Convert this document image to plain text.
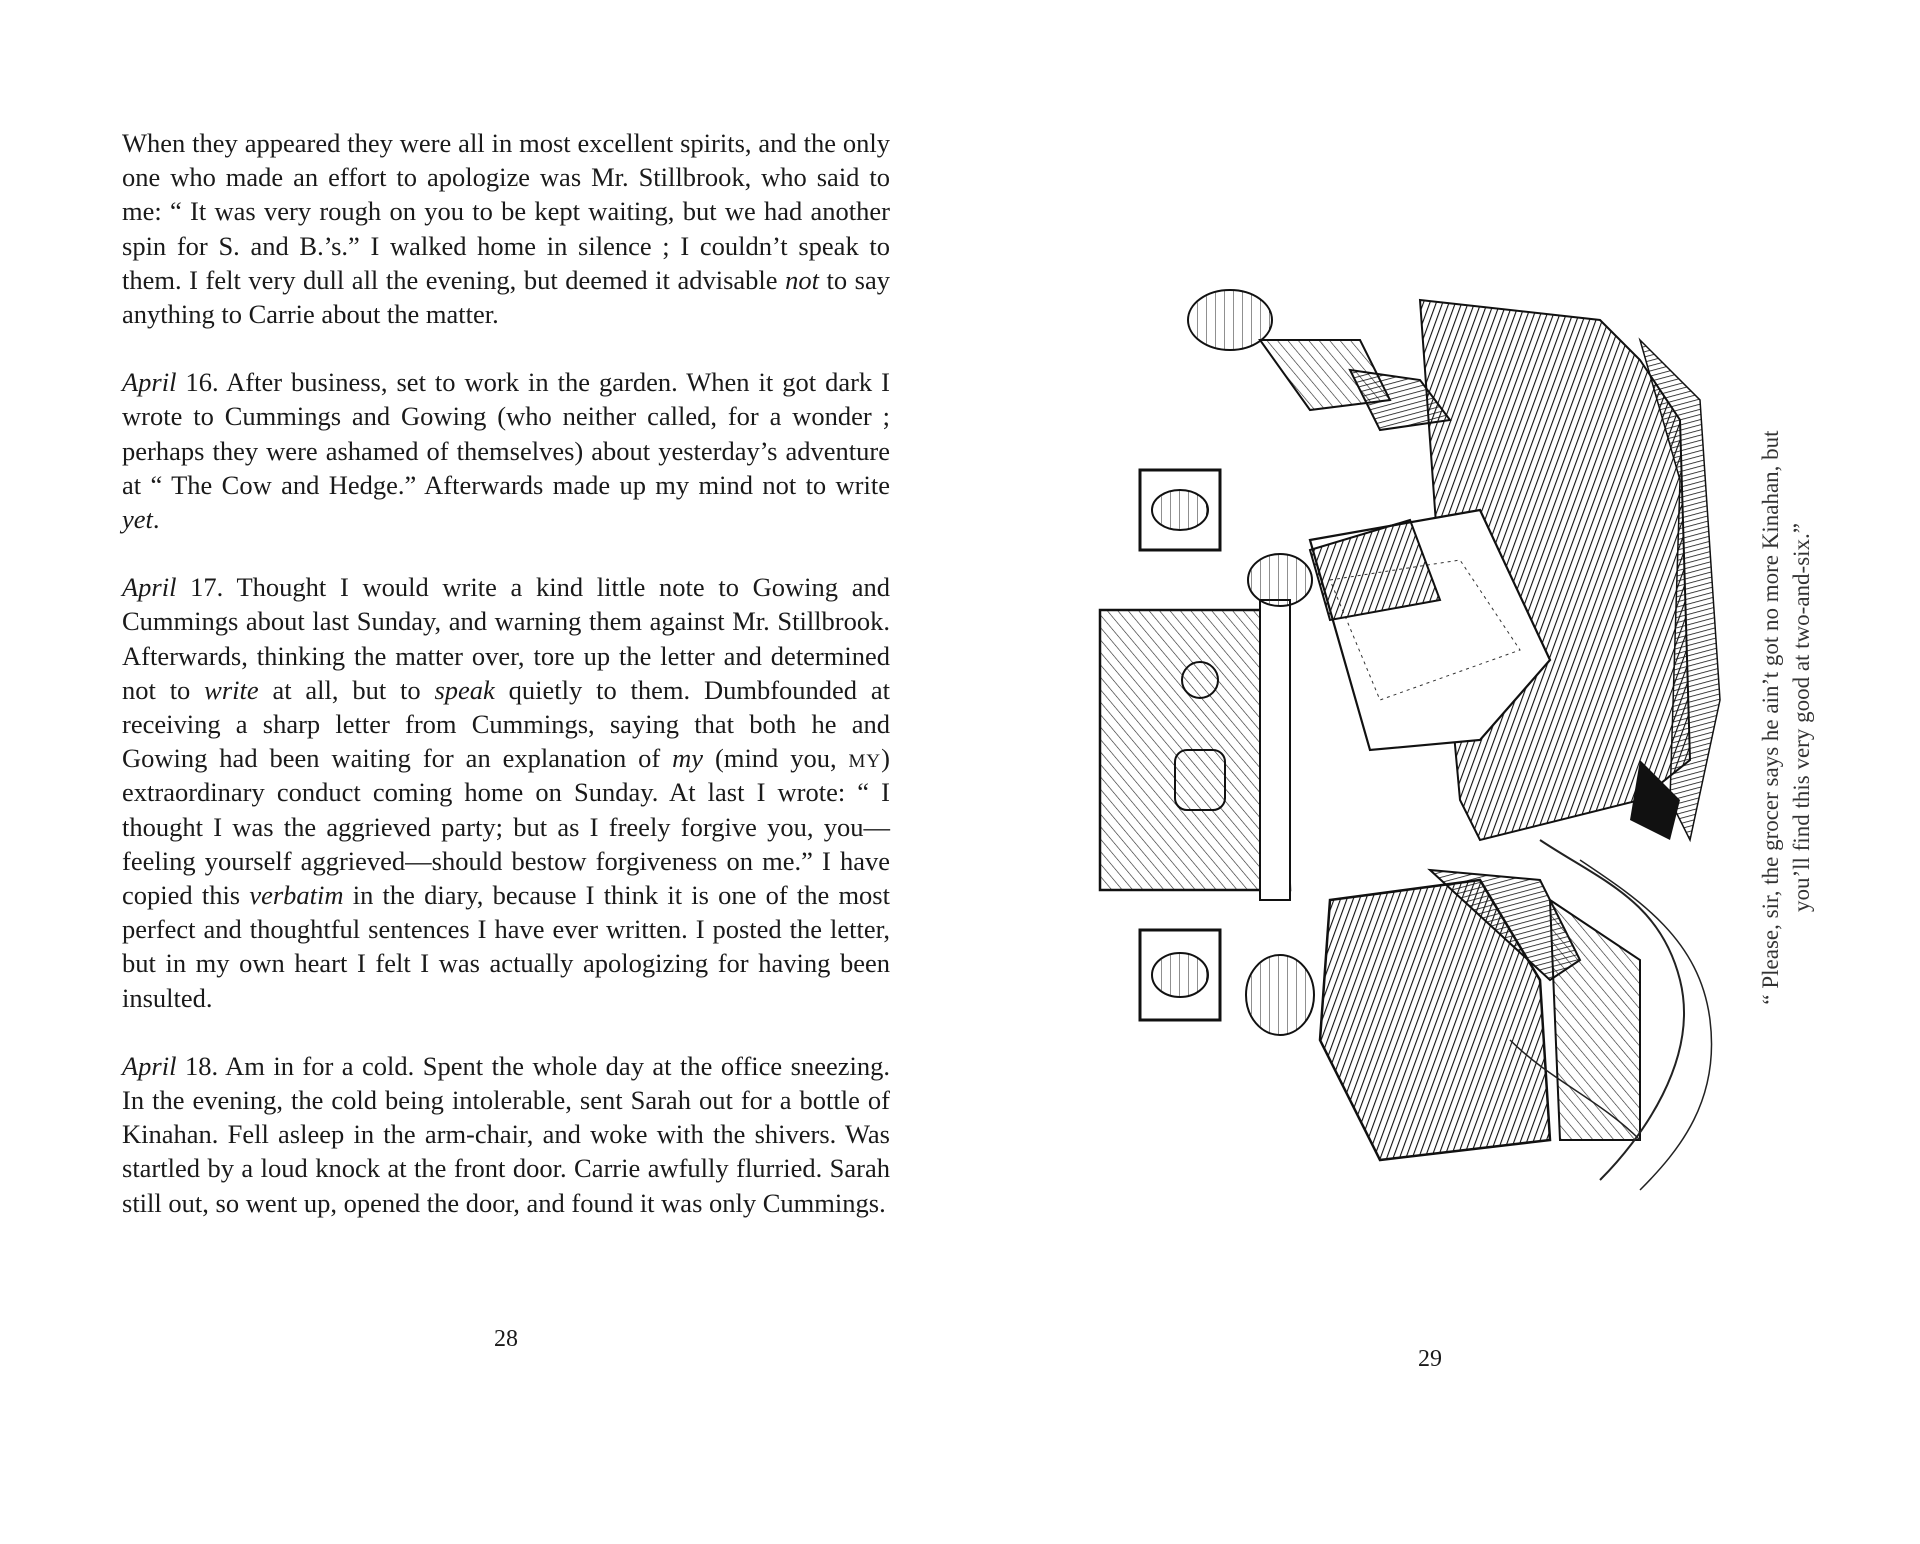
When they appeared they were all in most excellent spirits, and the only one who made an effort to apologize was Mr. Stillbrook, who said to me: “ It was very rough on you to be kept waiting, but we had another spin for S. and B.’s.” I walked home in silence ; I couldn’t speak to them. I felt very dull all the evening, but deemed it advisable not to say anything to Carrie about the matter.

April 16. After business, set to work in the garden. When it got dark I wrote to Cummings and Gowing (who neither called, for a wonder ; perhaps they were ashamed of themselves) about yesterday’s adventure at “ The Cow and Hedge.” Afterwards made up my mind not to write yet.

April 17. Thought I would write a kind little note to Gowing and Cummings about last Sunday, and warning them against Mr. Stillbrook. Afterwards, thinking the matter over, tore up the letter and determined not to write at all, but to speak quietly to them. Dumbfounded at receiving a sharp letter from Cummings, saying that both he and Gowing had been waiting for an explanation of my (mind you, my) extraordinary conduct coming home on Sunday. At last I wrote: “ I thought I was the aggrieved party; but as I freely forgive you, you—feeling yourself aggrieved—should bestow forgiveness on me.” I have copied this verbatim in the diary, because I think it is one of the most perfect and thoughtful sentences I have ever written. I posted the letter, but in my own heart I felt I was actually apologizing for having been insulted.

April 18. Am in for a cold. Spent the whole day at the office sneezing. In the evening, the cold being intolerable, sent Sarah out for a bottle of Kinahan. Fell asleep in the arm-chair, and woke with the shivers. Was startled by a loud knock at the front door. Carrie awfully flurried. Sarah still out, so went up, opened the door, and found it was only Cummings.

28
“ Please, sir, the grocer says he ain’t got no more Kinahan, but you’ll find this very good at two-and-six.”
29
